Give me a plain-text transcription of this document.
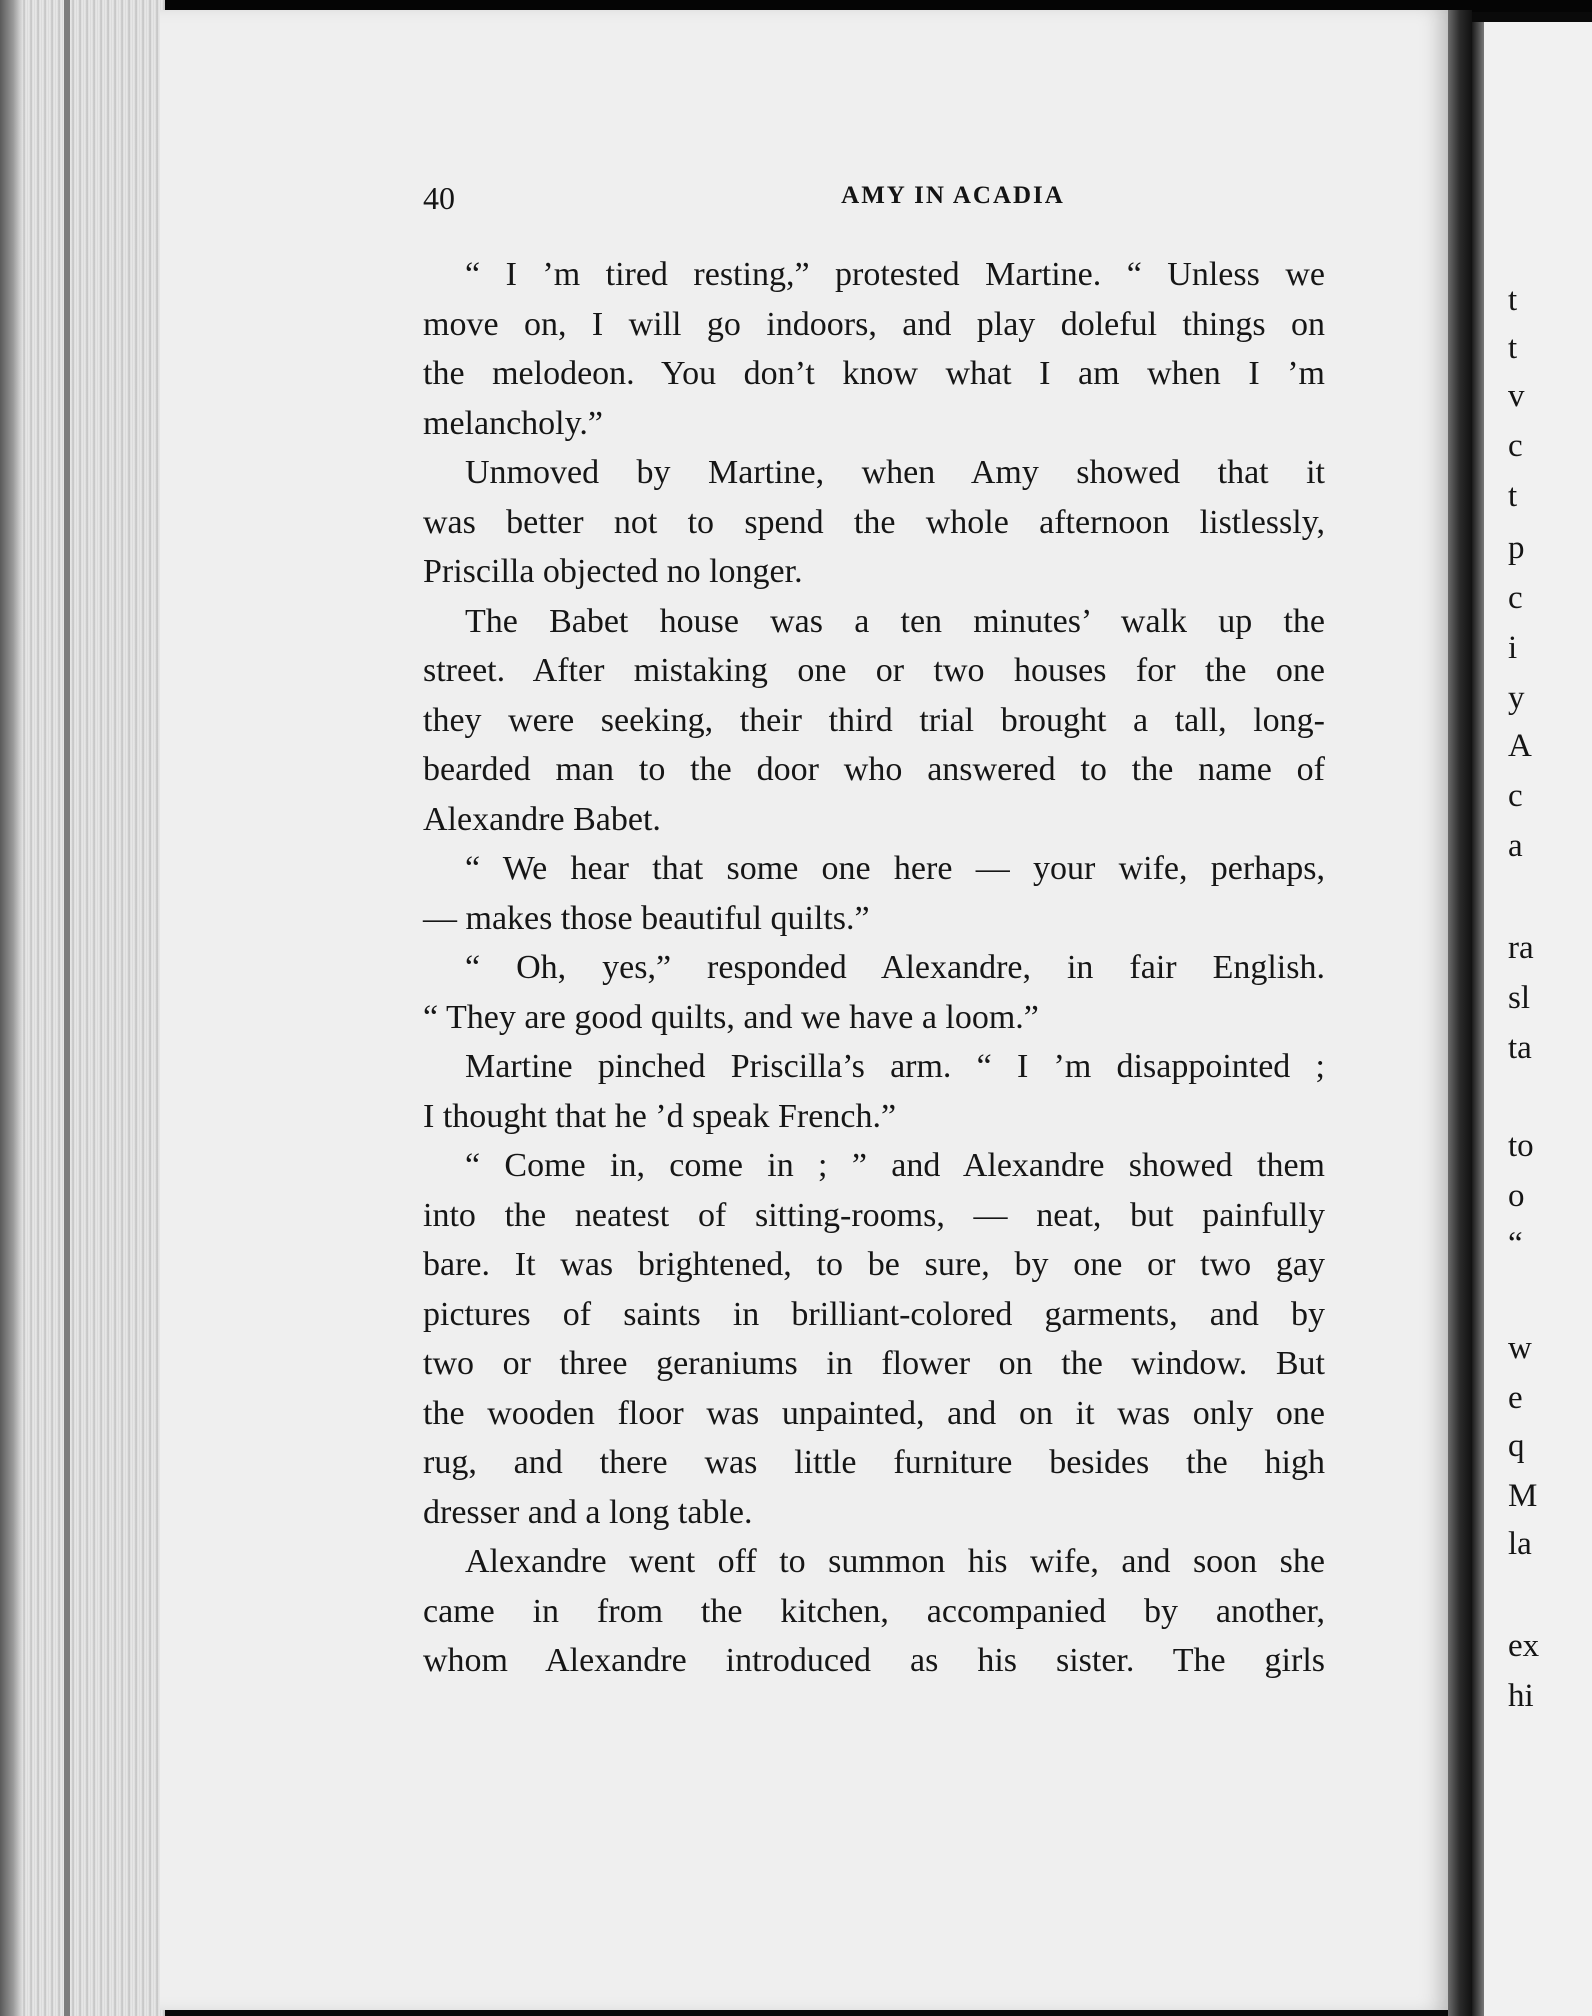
40	AMY IN ACADIA
“ I ’m tired resting,” protested Martine. “ Unless we
move on, I will go indoors, and play doleful things on
the melodeon. You don’t know what I am when I ’m
melancholy.”
Unmoved by Martine, when Amy showed that it
was better not to spend the whole afternoon listlessly,
Priscilla objected no longer.
The Babet house was a ten minutes’ walk up the
street. After mistaking one or two houses for the one
they were seeking, their third trial brought a tall, long-
bearded man to the door who answered to the name of
Alexandre Babet.
“ We hear that some one here — your wife, perhaps,
— makes those beautiful quilts.”
“ Oh, yes,” responded Alexandre, in fair English.
“ They are good quilts, and we have a loom.”
Martine pinched Priscilla’s arm. “ I ’m disappointed ;
I thought that he ’d speak French.”
“ Come in, come in ; ” and Alexandre showed them
into the neatest of sitting-rooms, — neat, but painfully
bare. It was brightened, to be sure, by one or two gay
pictures of saints in brilliant-colored garments, and by
two or three geraniums in flower on the window. But
the wooden floor was unpainted, and on it was only one
rug, and there was little furniture besides the high
dresser and a long table.
Alexandre went off to summon his wife, and soon she
came in from the kitchen, accompanied by another,
whom Alexandre introduced as his sister. The girls
t
t
v
c
t
p
c
i
y
A
c
a
ra
sl
ta
to
o
“
w
e
q
M
la
ex
hi
